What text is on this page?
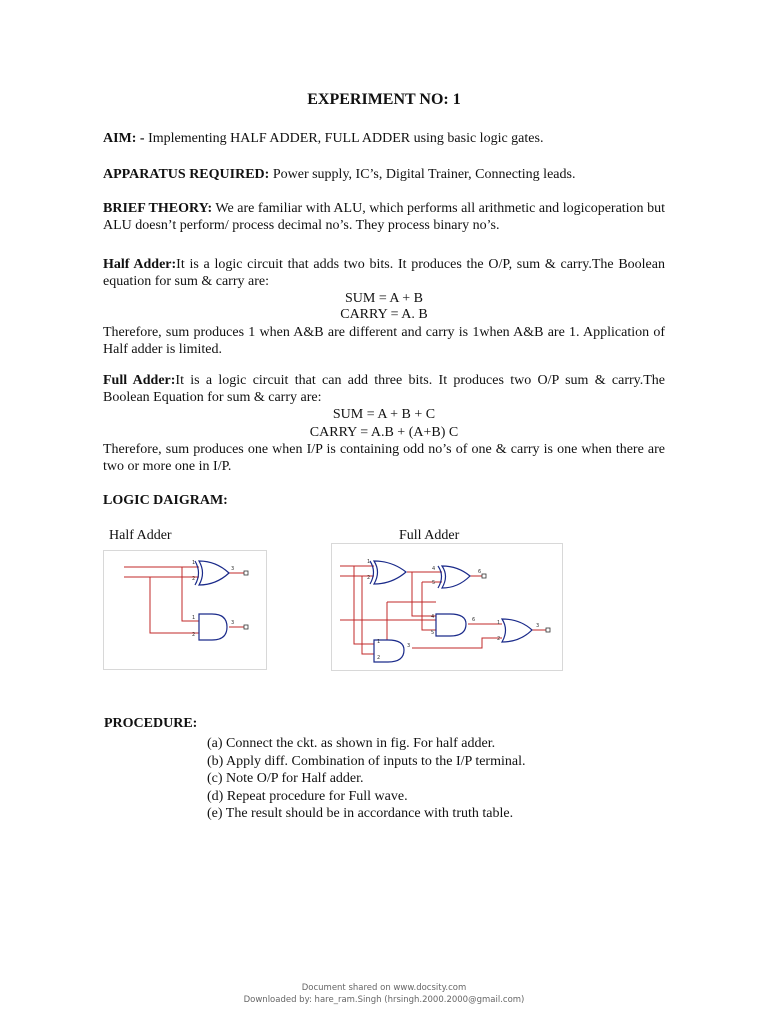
EXPERIMENT NO: 1
AIM: - Implementing HALF ADDER, FULL ADDER using basic logic gates.
APPARATUS REQUIRED: Power supply, IC’s, Digital Trainer, Connecting leads.
BRIEF THEORY: We are familiar with ALU, which performs all arithmetic and logicoperation but ALU doesn’t perform/ process decimal no’s. They process binary no’s.
Half Adder:It is a logic circuit that adds two bits. It produces the O/P, sum & carry.The Boolean equation for sum & carry are:
SUM = A + B
CARRY = A. B
Therefore, sum produces 1 when A&B are different and carry is 1when A&B are 1. Application of Half adder is limited.
Full Adder:It is a logic circuit that can add three bits. It produces two O/P sum & carry.The Boolean Equation for sum & carry are:
SUM = A + B + C
CARRY = A.B + (A+B) C
Therefore, sum produces one when I/P is containing odd no’s of one & carry is one when there are two or more one in I/P.
LOGIC DAIGRAM:
Half Adder	Full Adder
1
2
3
1
2
3
1
2
4
5
6
4
5
6
1
2
3
1
2
3
PROCEDURE:
(a) Connect the ckt. as shown in fig. For half adder.
(b) Apply diff. Combination of inputs to the I/P terminal.
(c) Note O/P for Half adder.
(d) Repeat procedure for Full wave.
(e) The result should be in accordance with truth table.
Document shared on www.docsity.com
Downloaded by: hare_ram.Singh (hrsingh.2000.2000@gmail.com)
